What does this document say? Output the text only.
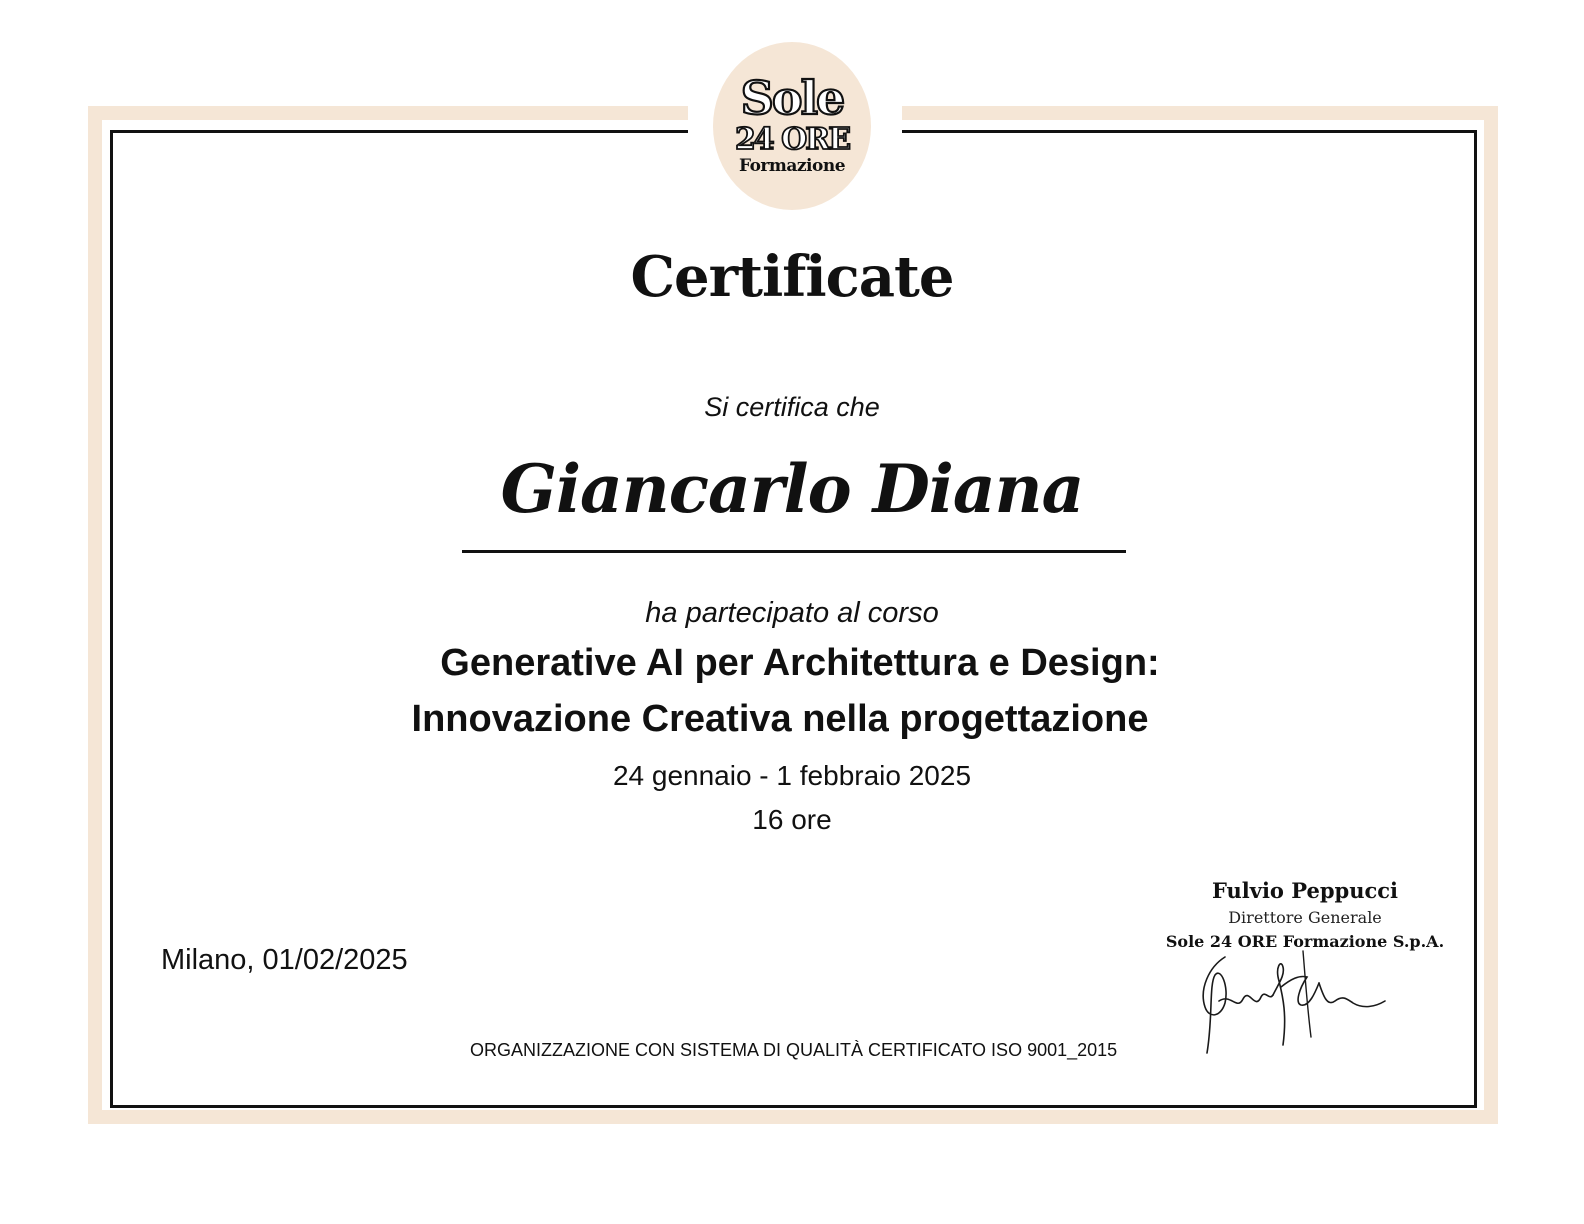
Sole
24 ORE
Formazione
Certificate
Si certifica che
Giancarlo Diana
ha partecipato al corso
Generative AI per Architettura e Design:
Innovazione Creativa nella progettazione
24 gennaio - 1 febbraio 2025
16 ore
Milano, 01/02/2025
Fulvio Peppucci
Direttore Generale
Sole 24 ORE Formazione S.p.A.
ORGANIZZAZIONE CON SISTEMA DI QUALITÀ CERTIFICATO ISO 9001_2015
